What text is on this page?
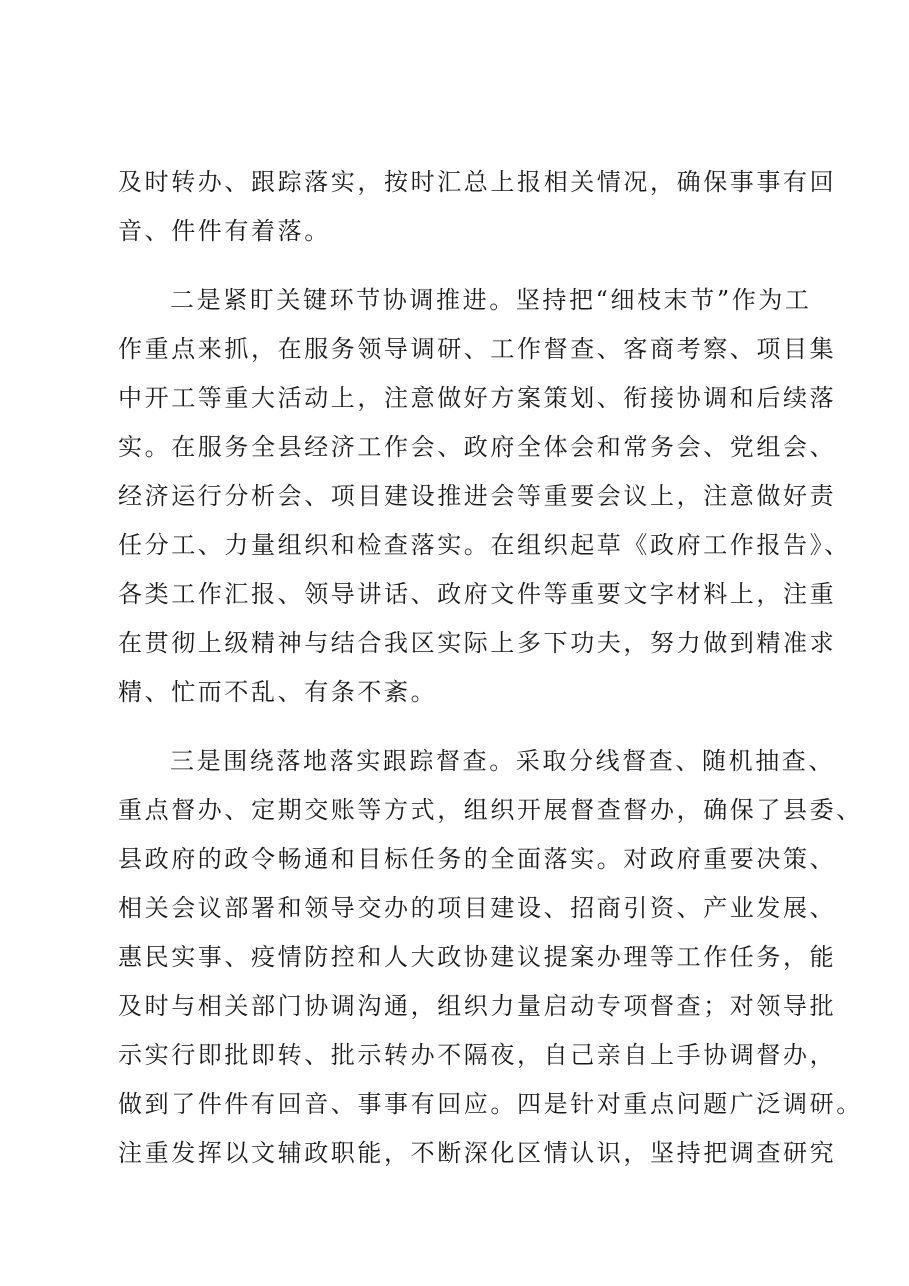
及时转办、跟踪落实，按时汇总上报相关情况，确保事事有回

音、件件有着落。

二是紧盯关键环节协调推进。坚持把“细枝末节”作为工

作重点来抓，在服务领导调研、工作督查、客商考察、项目集

中开工等重大活动上，注意做好方案策划、衔接协调和后续落

实。在服务全县经济工作会、政府全体会和常务会、党组会、

经济运行分析会、项目建设推进会等重要会议上，注意做好责

任分工、力量组织和检查落实。在组织起草《政府工作报告》、

各类工作汇报、领导讲话、政府文件等重要文字材料上，注重

在贯彻上级精神与结合我区实际上多下功夫，努力做到精准求

精、忙而不乱、有条不紊。

三是围绕落地落实跟踪督查。采取分线督查、随机抽查、

重点督办、定期交账等方式，组织开展督查督办，确保了县委、

县政府的政令畅通和目标任务的全面落实。对政府重要决策、

相关会议部署和领导交办的项目建设、招商引资、产业发展、

惠民实事、疫情防控和人大政协建议提案办理等工作任务，能

及时与相关部门协调沟通，组织力量启动专项督查；对领导批

示实行即批即转、批示转办不隔夜，自己亲自上手协调督办，

做到了件件有回音、事事有回应。四是针对重点问题广泛调研。

注重发挥以文辅政职能，不断深化区情认识，坚持把调查研究
